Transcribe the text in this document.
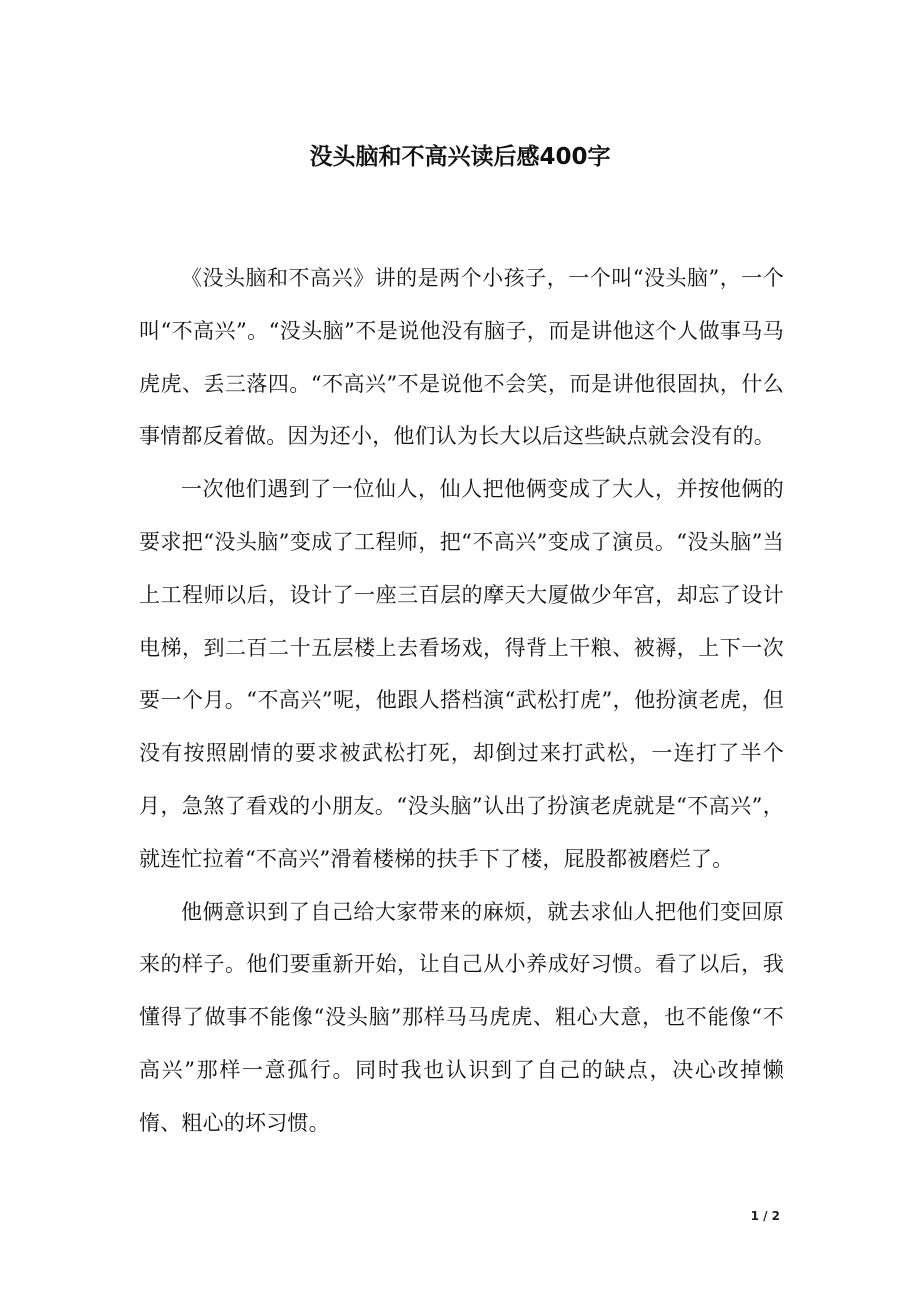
没头脑和不高兴读后感400字

《没头脑和不高兴》讲的是两个小孩子，一个叫“没头脑”，一个叫“不高兴”。“没头脑”不是说他没有脑子，而是讲他这个人做事马马虎虎、丢三落四。“不高兴”不是说他不会笑，而是讲他很固执，什么事情都反着做。因为还小，他们认为长大以后这些缺点就会没有的。

一次他们遇到了一位仙人，仙人把他俩变成了大人，并按他俩的要求把“没头脑”变成了工程师，把“不高兴”变成了演员。“没头脑”当上工程师以后，设计了一座三百层的摩天大厦做少年宫，却忘了设计电梯，到二百二十五层楼上去看场戏，得背上干粮、被褥，上下一次要一个月。“不高兴”呢，他跟人搭档演“武松打虎”，他扮演老虎，但没有按照剧情的要求被武松打死，却倒过来打武松，一连打了半个月，急煞了看戏的小朋友。“没头脑”认出了扮演老虎就是“不高兴”，就连忙拉着“不高兴”滑着楼梯的扶手下了楼，屁股都被磨烂了。

他俩意识到了自己给大家带来的麻烦，就去求仙人把他们变回原来的样子。他们要重新开始，让自己从小养成好习惯。看了以后，我懂得了做事不能像“没头脑”那样马马虎虎、粗心大意，也不能像“不高兴”那样一意孤行。同时我也认识到了自己的缺点，决心改掉懒惰、粗心的坏习惯。

1 / 2
